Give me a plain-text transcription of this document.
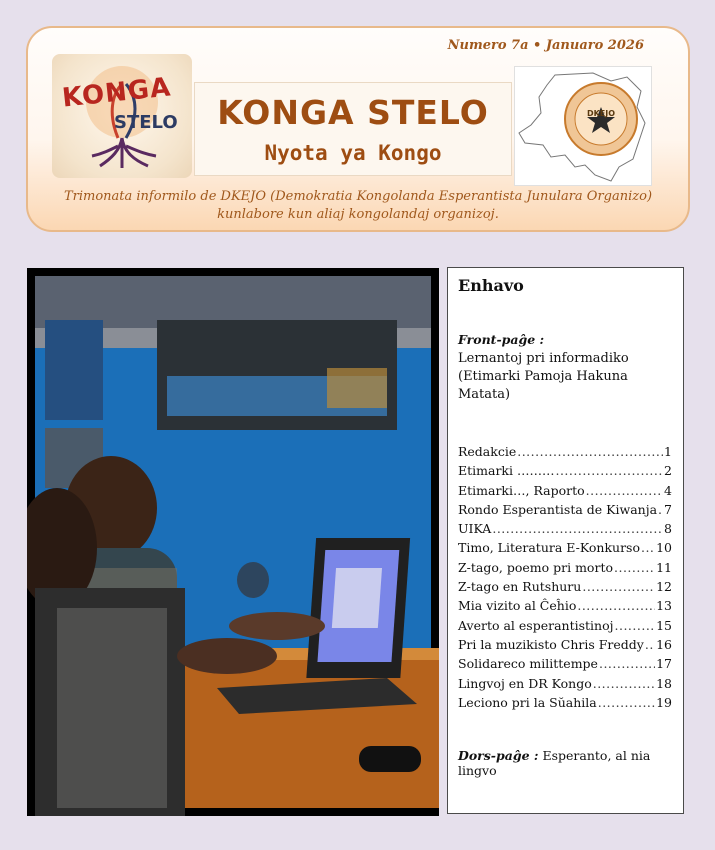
Numero 7a • Januaro 2026
KONGA
STELO	KONGA STELO
Nyota ya Kongo
DKEJO
Trimonata informilo de DKEJO (Demokratia Kongolanda Esperantista Junulara Organizo)
kunlabore kun aliaj kongolandaj organizoj.
Enhavo
Front-paĝe :
Lernantoj pri informadiko (Etimarki Pamoja Hakuna Matata)
Redakcie .....	1
Etimarki ……… .....	2
Etimarki…, Raporto .....	4
Rondo Esperantista de Kiwanja ..... 7
UIKA .....	8
Timo, Literatura E-Konkurso ..... 10
Z-tago, poemo pri morto .....	11
Z-tago en Rutshuru .....	12
Mia vizito al Ĉeĥio .....	13
Averto al esperantistinoj .....	15
Pri la muzikisto Chris Freddy ..... 16
Solidareco milittempe .....	17
Lingvoj en DR Kongo .....	18
Leciono pri la Sŭahila .....	19
Dors-paĝe : Esperanto, al nia lingvo
